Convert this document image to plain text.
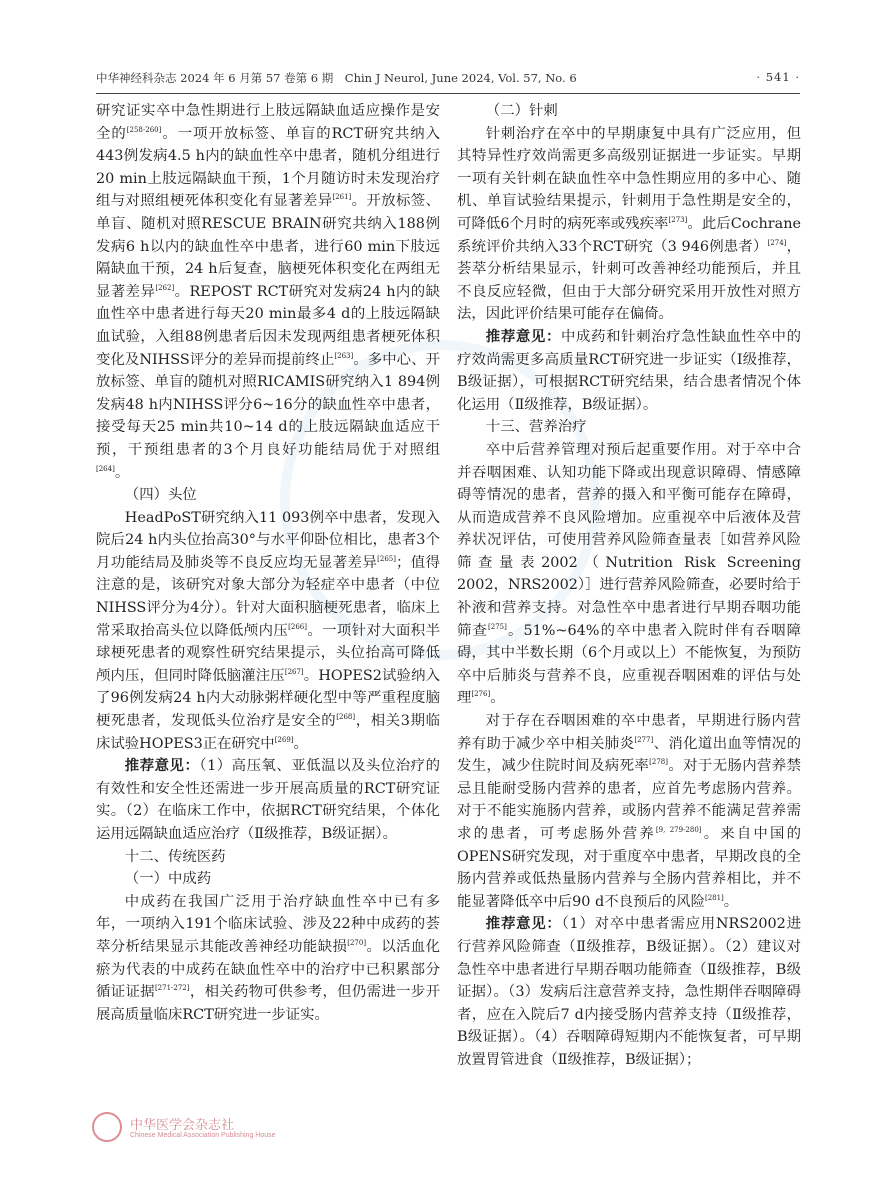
中华神经科杂志 2024 年 6 月第 57 卷第 6 期　Chin J Neurol, June 2024, Vol. 57, No. 6	· 541 ·

研究证实卒中急性期进行上肢远隔缺血适应操作是安全的[258-260]。一项开放标签、单盲的RCT研究共纳入443例发病4.5 h内的缺血性卒中患者，随机分组进行20 min上肢远隔缺血干预，1个月随访时未发现治疗组与对照组梗死体积变化有显著差异[261]。开放标签、单盲、随机对照RESCUE BRAIN研究共纳入188例发病6 h以内的缺血性卒中患者，进行60 min下肢远隔缺血干预，24 h后复查，脑梗死体积变化在两组无显著差异[262]。REPOST RCT研究对发病24 h内的缺血性卒中患者进行每天20 min最多4 d的上肢远隔缺血试验，入组88例患者后因未发现两组患者梗死体积变化及NIHSS评分的差异而提前终止[263]。多中心、开放标签、单盲的随机对照RICAMIS研究纳入1 894例发病48 h内NIHSS评分6~16分的缺血性卒中患者，接受每天25 min共10~14 d的上肢远隔缺血适应干预，干预组患者的3个月良好功能结局优于对照组[264]。

（四）头位

HeadPoST研究纳入11 093例卒中患者，发现入院后24 h内头位抬高30°与水平仰卧位相比，患者3个月功能结局及肺炎等不良反应均无显著差异[265]；值得注意的是，该研究对象大部分为轻症卒中患者（中位NIHSS评分为4分）。针对大面积脑梗死患者，临床上常采取抬高头位以降低颅内压[266]。一项针对大面积半球梗死患者的观察性研究结果提示，头位抬高可降低颅内压，但同时降低脑灌注压[267]。HOPES2试验纳入了96例发病24 h内大动脉粥样硬化型中等严重程度脑梗死患者，发现低头位治疗是安全的[268]，相关3期临床试验HOPES3正在研究中[269]。

推荐意见：（1）高压氧、亚低温以及头位治疗的有效性和安全性还需进一步开展高质量的RCT研究证实。（2）在临床工作中，依据RCT研究结果，个体化运用远隔缺血适应治疗（Ⅱ级推荐，B级证据）。

十二、传统医药
（一）中成药

中成药在我国广泛用于治疗缺血性卒中已有多年，一项纳入191个临床试验、涉及22种中成药的荟萃分析结果显示其能改善神经功能缺损[270]。以活血化瘀为代表的中成药在缺血性卒中的治疗中已积累部分循证证据[271-272]，相关药物可供参考，但仍需进一步开展高质量临床RCT研究进一步证实。

（二）针刺

针刺治疗在卒中的早期康复中具有广泛应用，但其特异性疗效尚需更多高级别证据进一步证实。早期一项有关针刺在缺血性卒中急性期应用的多中心、随机、单盲试验结果提示，针刺用于急性期是安全的，可降低6个月时的病死率或残疾率[273]。此后Cochrane系统评价共纳入33个RCT研究（3 946例患者）[274]，荟萃分析结果显示，针刺可改善神经功能预后，并且不良反应轻微，但由于大部分研究采用开放性对照方法，因此评价结果可能存在偏倚。

推荐意见：中成药和针刺治疗急性缺血性卒中的疗效尚需更多高质量RCT研究进一步证实（Ⅰ级推荐，B级证据），可根据RCT研究结果，结合患者情况个体化运用（Ⅱ级推荐，B级证据）。

十三、营养治疗

卒中后营养管理对预后起重要作用。对于卒中合并吞咽困难、认知功能下降或出现意识障碍、情感障碍等情况的患者，营养的摄入和平衡可能存在障碍，从而造成营养不良风险增加。应重视卒中后液体及营养状况评估，可使用营养风险筛查量表［如营养风险筛查量表2002（Nutrition Risk Screening 2002，NRS2002）］进行营养风险筛查，必要时给于补液和营养支持。对急性卒中患者进行早期吞咽功能筛查[275]。51%~64%的卒中患者入院时伴有吞咽障碍，其中半数长期（6个月或以上）不能恢复，为预防卒中后肺炎与营养不良，应重视吞咽困难的评估与处理[276]。

对于存在吞咽困难的卒中患者，早期进行肠内营养有助于减少卒中相关肺炎[277]、消化道出血等情况的发生，减少住院时间及病死率[278]。对于无肠内营养禁忌且能耐受肠内营养的患者，应首先考虑肠内营养。对于不能实施肠内营养，或肠内营养不能满足营养需求的患者，可考虑肠外营养[9, 279-280]。来自中国的OPENS研究发现，对于重度卒中患者，早期改良的全肠内营养或低热量肠内营养与全肠内营养相比，并不能显著降低卒中后90 d不良预后的风险[281]。

推荐意见：（1）对卒中患者需应用NRS2002进行营养风险筛查（Ⅱ级推荐，B级证据）。（2）建议对急性卒中患者进行早期吞咽功能筛查（Ⅱ级推荐，B级证据）。（3）发病后注意营养支持，急性期伴吞咽障碍者，应在入院后7 d内接受肠内营养支持（Ⅱ级推荐，B级证据）。（4）吞咽障碍短期内不能恢复者，可早期放置胃管进食（Ⅱ级推荐，B级证据）；

中华医学会杂志社
Chinese Medical Association Publishing House
